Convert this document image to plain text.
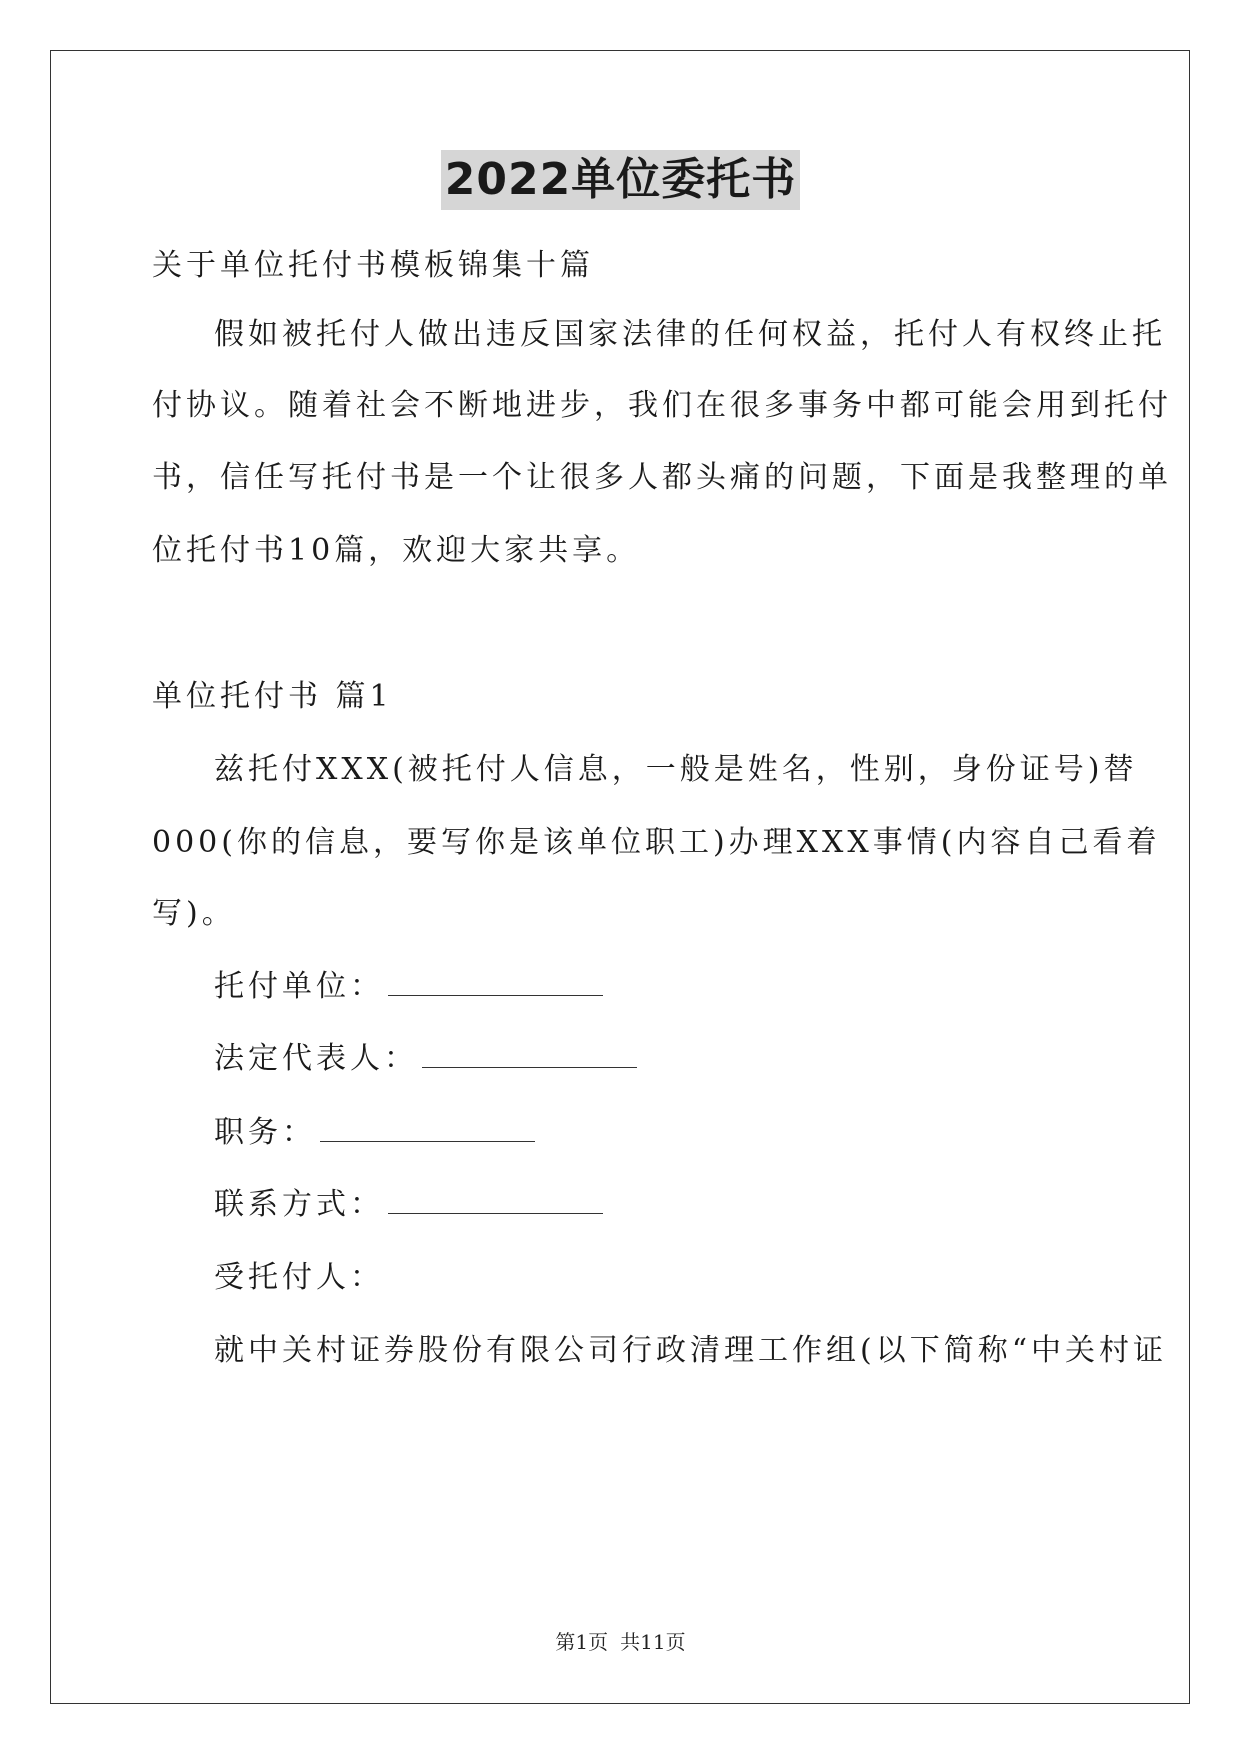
2022单位委托书
关于单位托付书模板锦集十篇
假如被托付人做出违反国家法律的任何权益，托付人有权终止托
付协议。随着社会不断地进步，我们在很多事务中都可能会用到托付
书，信任写托付书是一个让很多人都头痛的问题，下面是我整理的单
位托付书10篇，欢迎大家共享。
单位托付书 篇1
兹托付XXX(被托付人信息，一般是姓名，性别，身份证号)替
000(你的信息，要写你是该单位职工)办理XXX事情(内容自己看着
写)。
托付单位：
法定代表人：
职务：
联系方式：
受托付人：
就中关村证券股份有限公司行政清理工作组(以下简称“中关村证
第1页 共11页
